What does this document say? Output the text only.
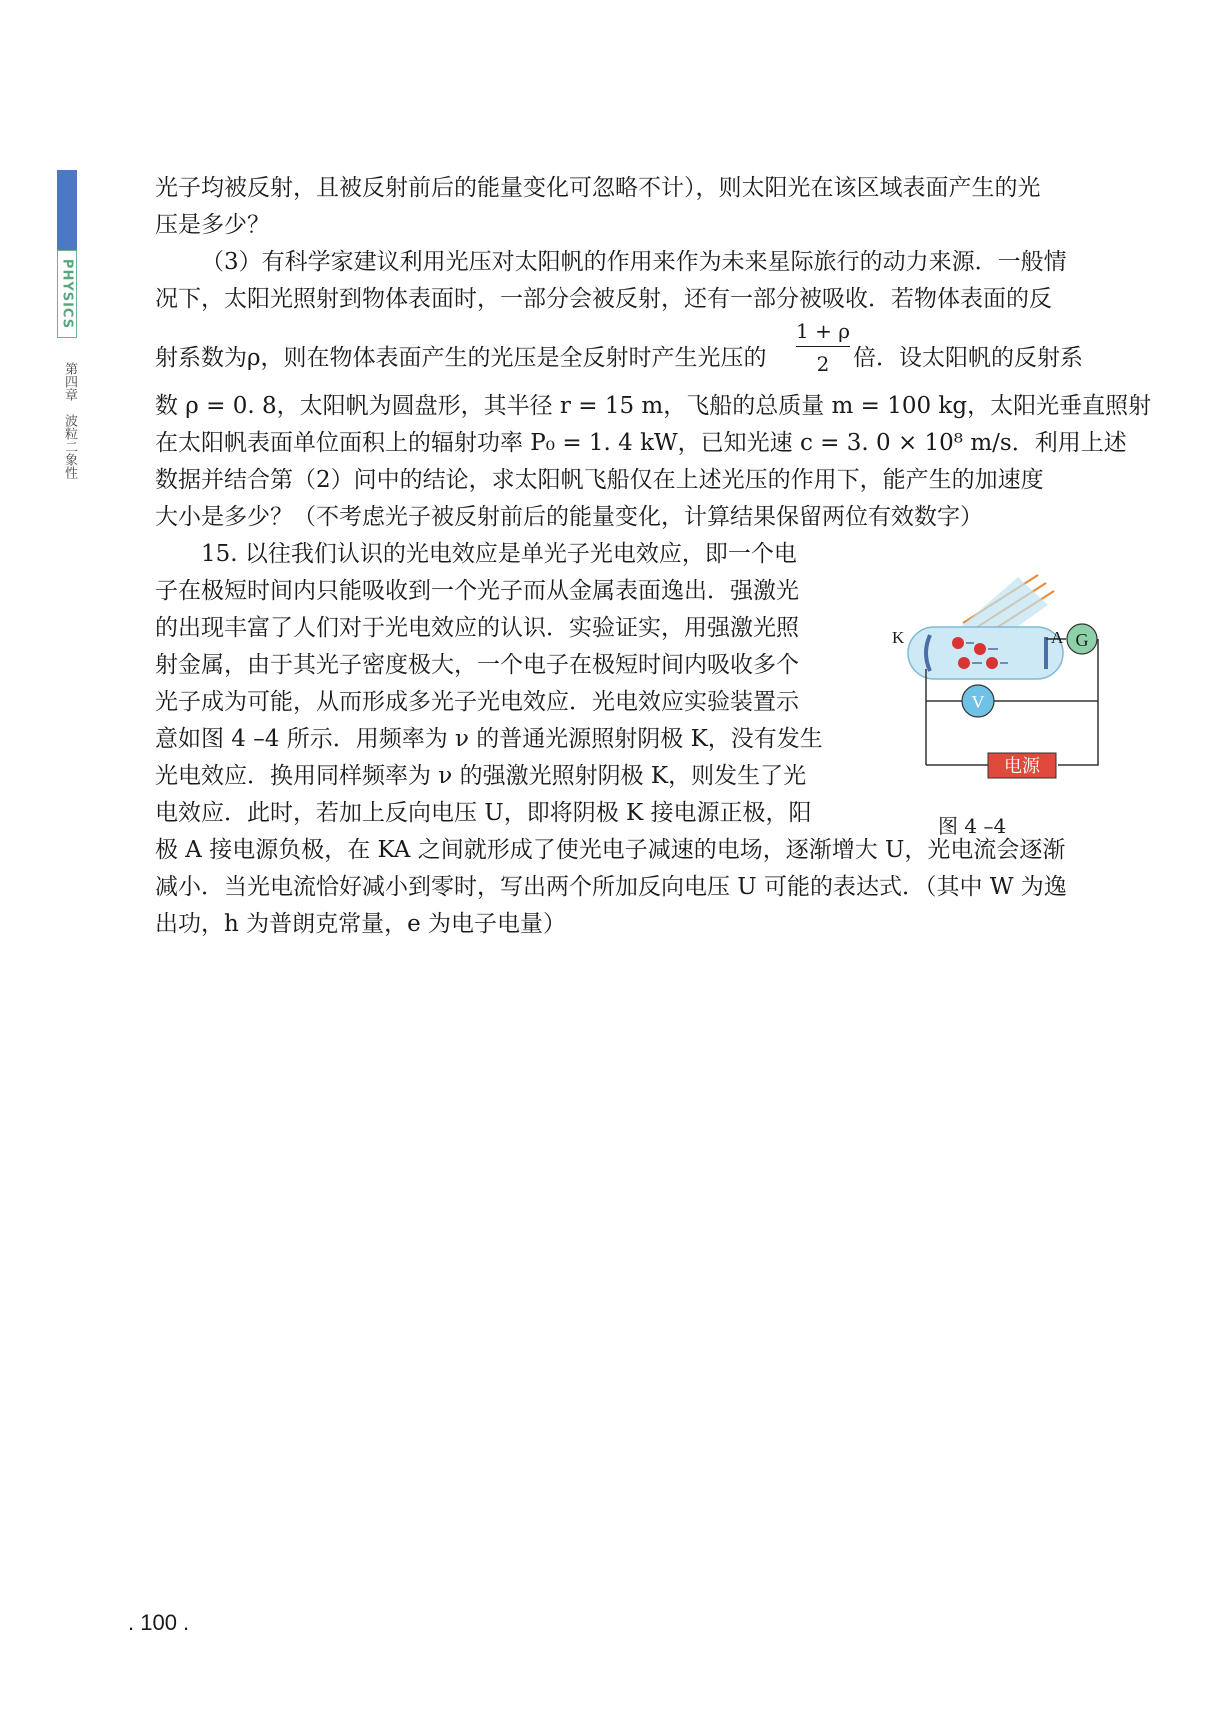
PHYSICS
第四章　波粒二象性
光子均被反射，且被反射前后的能量变化可忽略不计），则太阳光在该区域表面产生的光
压是多少？
（3）有科学家建议利用光压对太阳帆的作用来作为未来星际旅行的动力来源．一般情
况下，太阳光照射到物体表面时，一部分会被反射，还有一部分被吸收．若物体表面的反
射系数为ρ，则在物体表面产生的光压是全反射时产生光压的 $\frac{1 + \rho}{2}$ 倍．设太阳帆的反射系
数 ρ = 0. 8，太阳帆为圆盘形，其半径 r = 15 m，飞船的总质量 m = 100 kg，太阳光垂直照射
在太阳帆表面单位面积上的辐射功率 P₀ = 1. 4 kW，已知光速 c = 3. 0 × 10⁸ m/s．利用上述
数据并结合第（2）问中的结论，求太阳帆飞船仅在上述光压的作用下，能产生的加速度
大小是多少？（不考虑光子被反射前后的能量变化，计算结果保留两位有效数字）
15. 以往我们认识的光电效应是单光子光电效应，即一个电
子在极短时间内只能吸收到一个光子而从金属表面逸出．强激光
的出现丰富了人们对于光电效应的认识．实验证实，用强激光照
射金属，由于其光子密度极大，一个电子在极短时间内吸收多个
光子成为可能，从而形成多光子光电效应．光电效应实验装置示
意如图 4 –4 所示．用频率为 ν 的普通光源照射阴极 K，没有发生
光电效应．换用同样频率为 ν 的强激光照射阴极 K，则发生了光
电效应．此时，若加上反向电压 U，即将阴极 K 接电源正极，阳
极 A 接电源负极，在 KA 之间就形成了使光电子减速的电场，逐渐增大 U，光电流会逐渐
减小．当光电流恰好减小到零时，写出两个所加反向电压 U 可能的表达式．（其中 W 为逸
出功，h 为普朗克常量，e 为电子电量）
G
V
电源
K	A
图 4 –4
. 100 .
